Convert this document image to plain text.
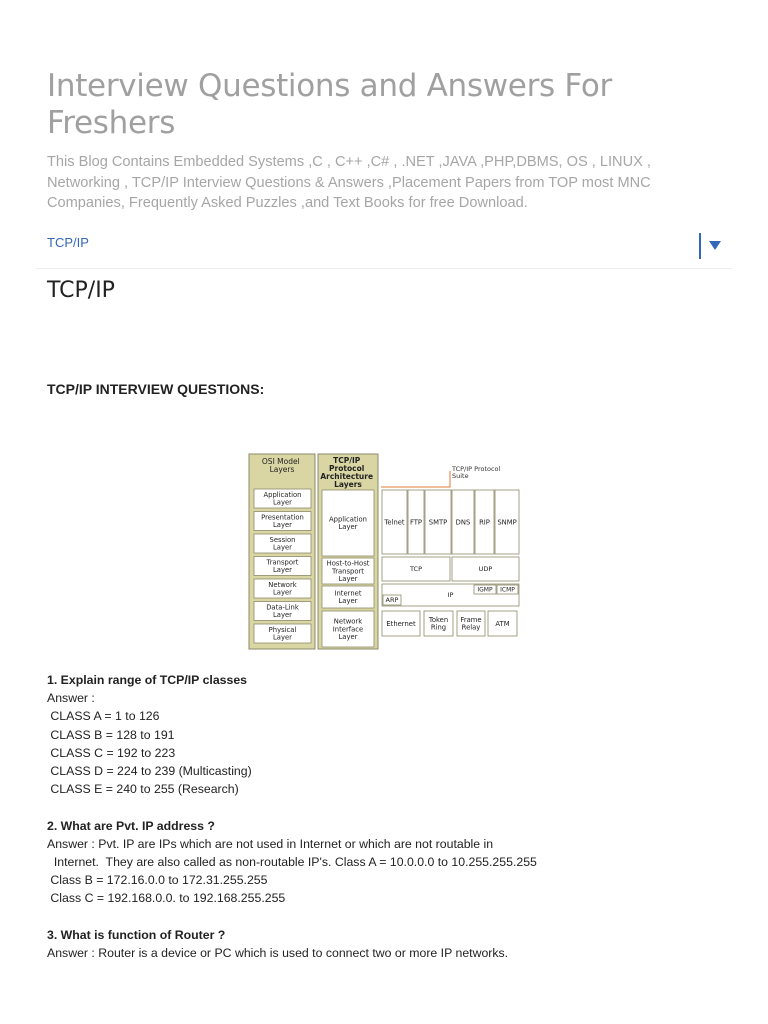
Interview Questions and Answers For Freshers
This Blog Contains Embedded Systems ,C , C++ ,C# , .NET ,JAVA ,PHP,DBMS, OS , LINUX , Networking , TCP/IP Interview Questions & Answers ,Placement Papers from TOP most MNC Companies, Frequently Asked Puzzles ,and Text Books for free Download.
TCP/IP
TCP/IP
TCP/IP INTERVIEW QUESTIONS:
OSI Model Layers
Application Layer
Presentation Layer
Session Layer
Transport Layer
Network Layer
Data-Link Layer
Physical Layer
TCP/IP Protocol Architecture Layers
Application Layer
Host-to-Host Transport Layer
Internet Layer
Network Interface Layer
TCP/IP Protocol Suite
Telnet FTP SMTP DNS RIP SNMP
TCP	UDP
IP
IGMP ICMP
ARP
Ethernet Token Ring
Frame Relay ATM

1. Explain range of TCP/IP classes

Answer :

CLASS A = 1 to 126

CLASS B = 128 to 191

CLASS C = 192 to 223

CLASS D = 224 to 239 (Multicasting)

CLASS E = 240 to 255 (Research)

2. What are Pvt. IP address ?

Answer : Pvt. IP are IPs which are not used in Internet or which are not routable in

Internet.  They are also called as non-routable IP's. Class A = 10.0.0.0 to 10.255.255.255

Class B = 172.16.0.0 to 172.31.255.255

Class C = 192.168.0.0. to 192.168.255.255

3. What is function of Router ?

Answer : Router is a device or PC which is used to connect two or more IP networks.
